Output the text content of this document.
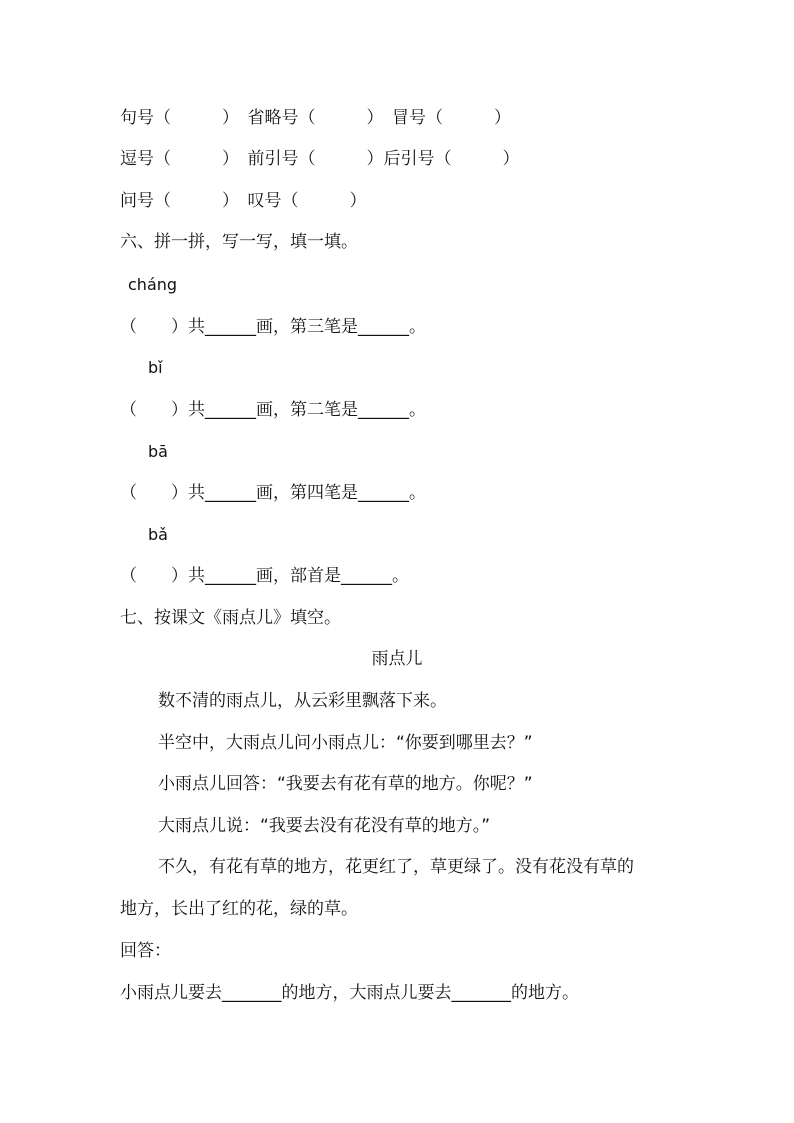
句号（　　　）　省略号（　　　）　冒号（　　　）
逗号（　　　）　前引号（　　　）后引号（　　　）
问号（　　　）　叹号（　　　）
六、拼一拼，写一写，填一填。
cháng
（　　）共______画，第三笔是______。
bǐ
（　　）共______画，第二笔是______。
bā
（　　）共______画，第四笔是______。
bǎ
（　　）共______画，部首是______。
七、按课文《雨点儿》填空。
雨点儿
数不清的雨点儿，从云彩里飘落下来。
半空中，大雨点儿问小雨点儿：“你要到哪里去？”
小雨点儿回答：“我要去有花有草的地方。你呢？”
大雨点儿说：“我要去没有花没有草的地方。”
不久，有花有草的地方，花更红了，草更绿了。没有花没有草的
地方，长出了红的花，绿的草。
回答：
小雨点儿要去_______的地方，大雨点儿要去_______的地方。
